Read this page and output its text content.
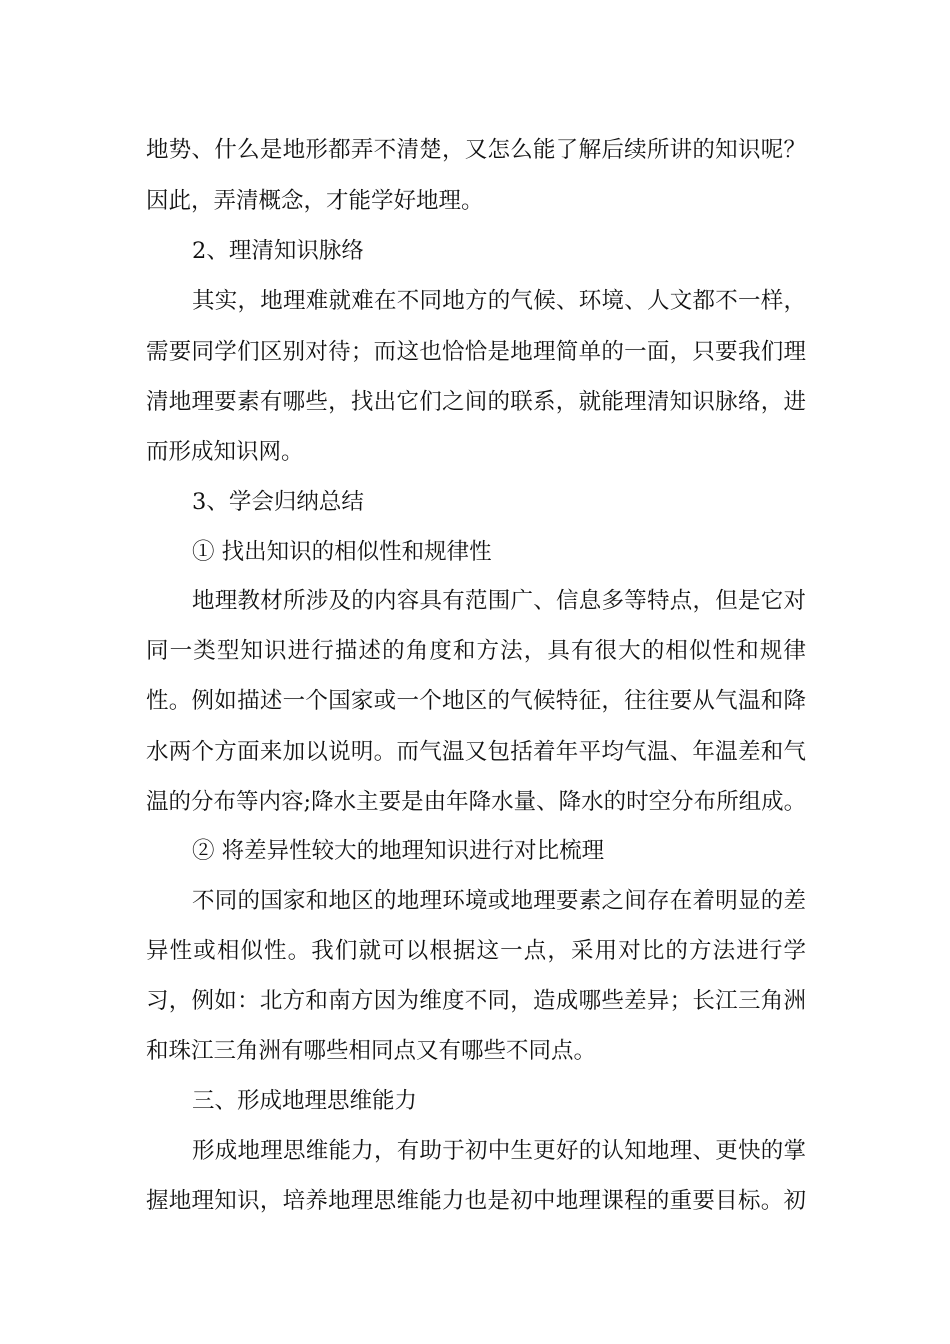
地势、什么是地形都弄不清楚，又怎么能了解后续所讲的知识呢？
因此，弄清概念，才能学好地理。
2、理清知识脉络
其实，地理难就难在不同地方的气候、环境、人文都不一样，
需要同学们区别对待；而这也恰恰是地理简单的一面，只要我们理
清地理要素有哪些，找出它们之间的联系，就能理清知识脉络，进
而形成知识网。
3、学会归纳总结
① 找出知识的相似性和规律性
地理教材所涉及的内容具有范围广、信息多等特点，但是它对
同一类型知识进行描述的角度和方法，具有很大的相似性和规律
性。例如描述一个国家或一个地区的气候特征，往往要从气温和降
水两个方面来加以说明。而气温又包括着年平均气温、年温差和气
温的分布等内容;降水主要是由年降水量、降水的时空分布所组成。
② 将差异性较大的地理知识进行对比梳理
不同的国家和地区的地理环境或地理要素之间存在着明显的差
异性或相似性。我们就可以根据这一点，采用对比的方法进行学
习，例如：北方和南方因为维度不同，造成哪些差异；长江三角洲
和珠江三角洲有哪些相同点又有哪些不同点。
三、形成地理思维能力
形成地理思维能力，有助于初中生更好的认知地理、更快的掌
握地理知识，培养地理思维能力也是初中地理课程的重要目标。初
